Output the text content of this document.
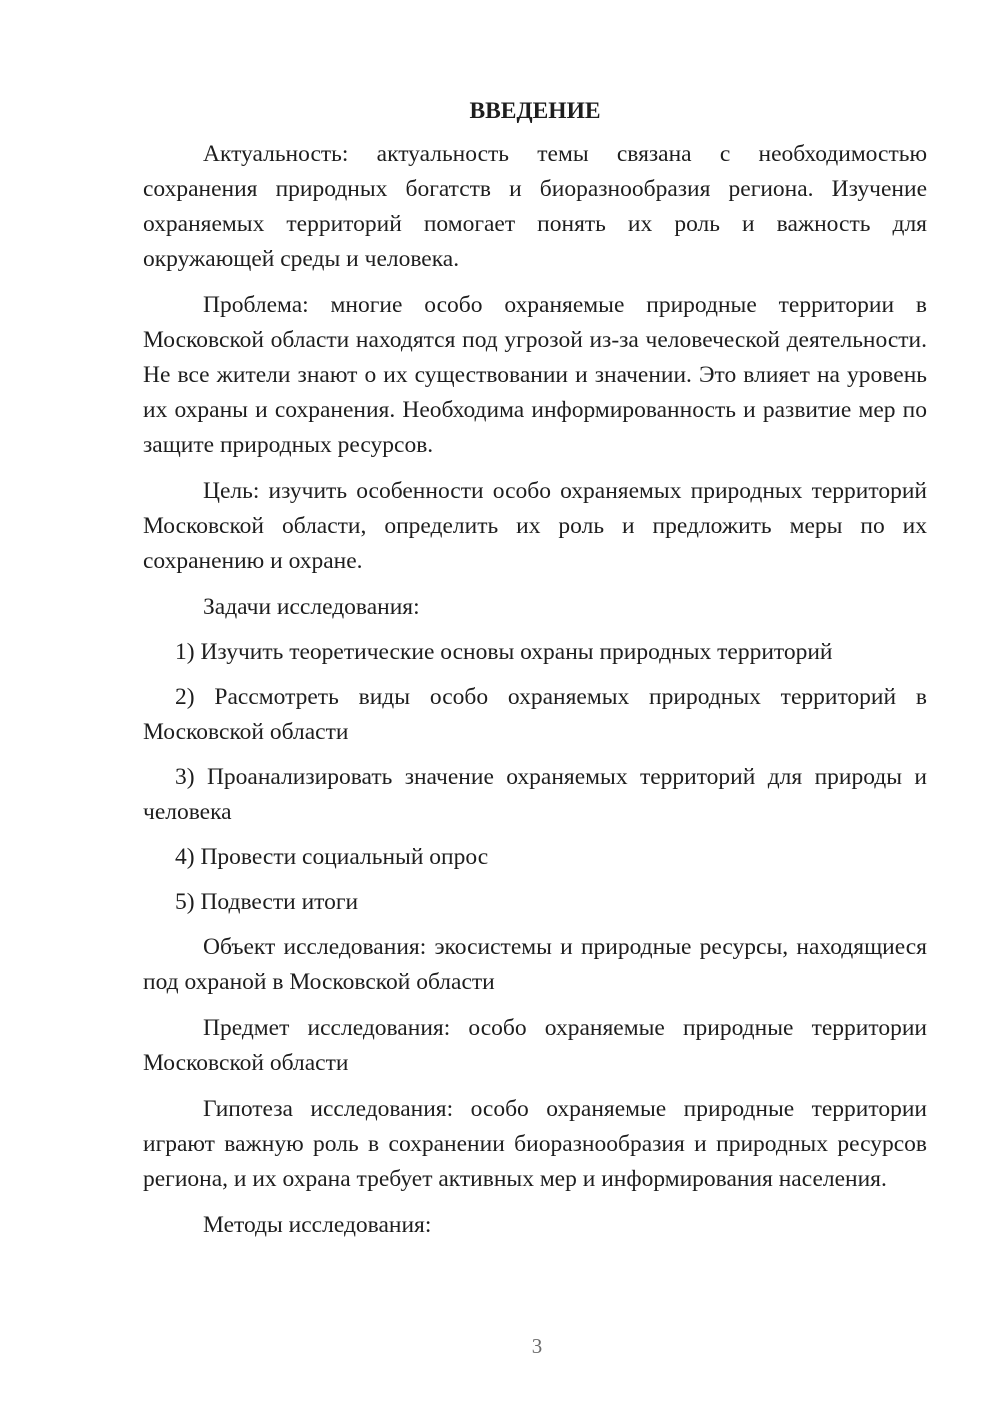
ВВЕДЕНИЕ

Актуальность: актуальность темы связана с необходимостью сохранения природных богатств и биоразнообразия региона. Изучение охраняемых территорий помогает понять их роль и важность для окружающей среды и человека.

Проблема: многие особо охраняемые природные территории в Московской области находятся под угрозой из-за человеческой деятельности. Не все жители знают о их существовании и значении. Это влияет на уровень их охраны и сохранения. Необходима информированность и развитие мер по защите природных ресурсов.

Цель: изучить особенности особо охраняемых природных территорий Московской области, определить их роль и предложить меры по их сохранению и охране.

Задачи исследования:

1) Изучить теоретические основы охраны природных территорий

2) Рассмотреть виды особо охраняемых природных территорий в Московской области

3) Проанализировать значение охраняемых территорий для природы и человека

4) Провести социальный опрос

5) Подвести итоги

Объект исследования: экосистемы и природные ресурсы, находящиеся под охраной в Московской области

Предмет исследования: особо охраняемые природные территории Московской области

Гипотеза исследования: особо охраняемые природные территории играют важную роль в сохранении биоразнообразия и природных ресурсов региона, и их охрана требует активных мер и информирования населения.

Методы исследования:

3
